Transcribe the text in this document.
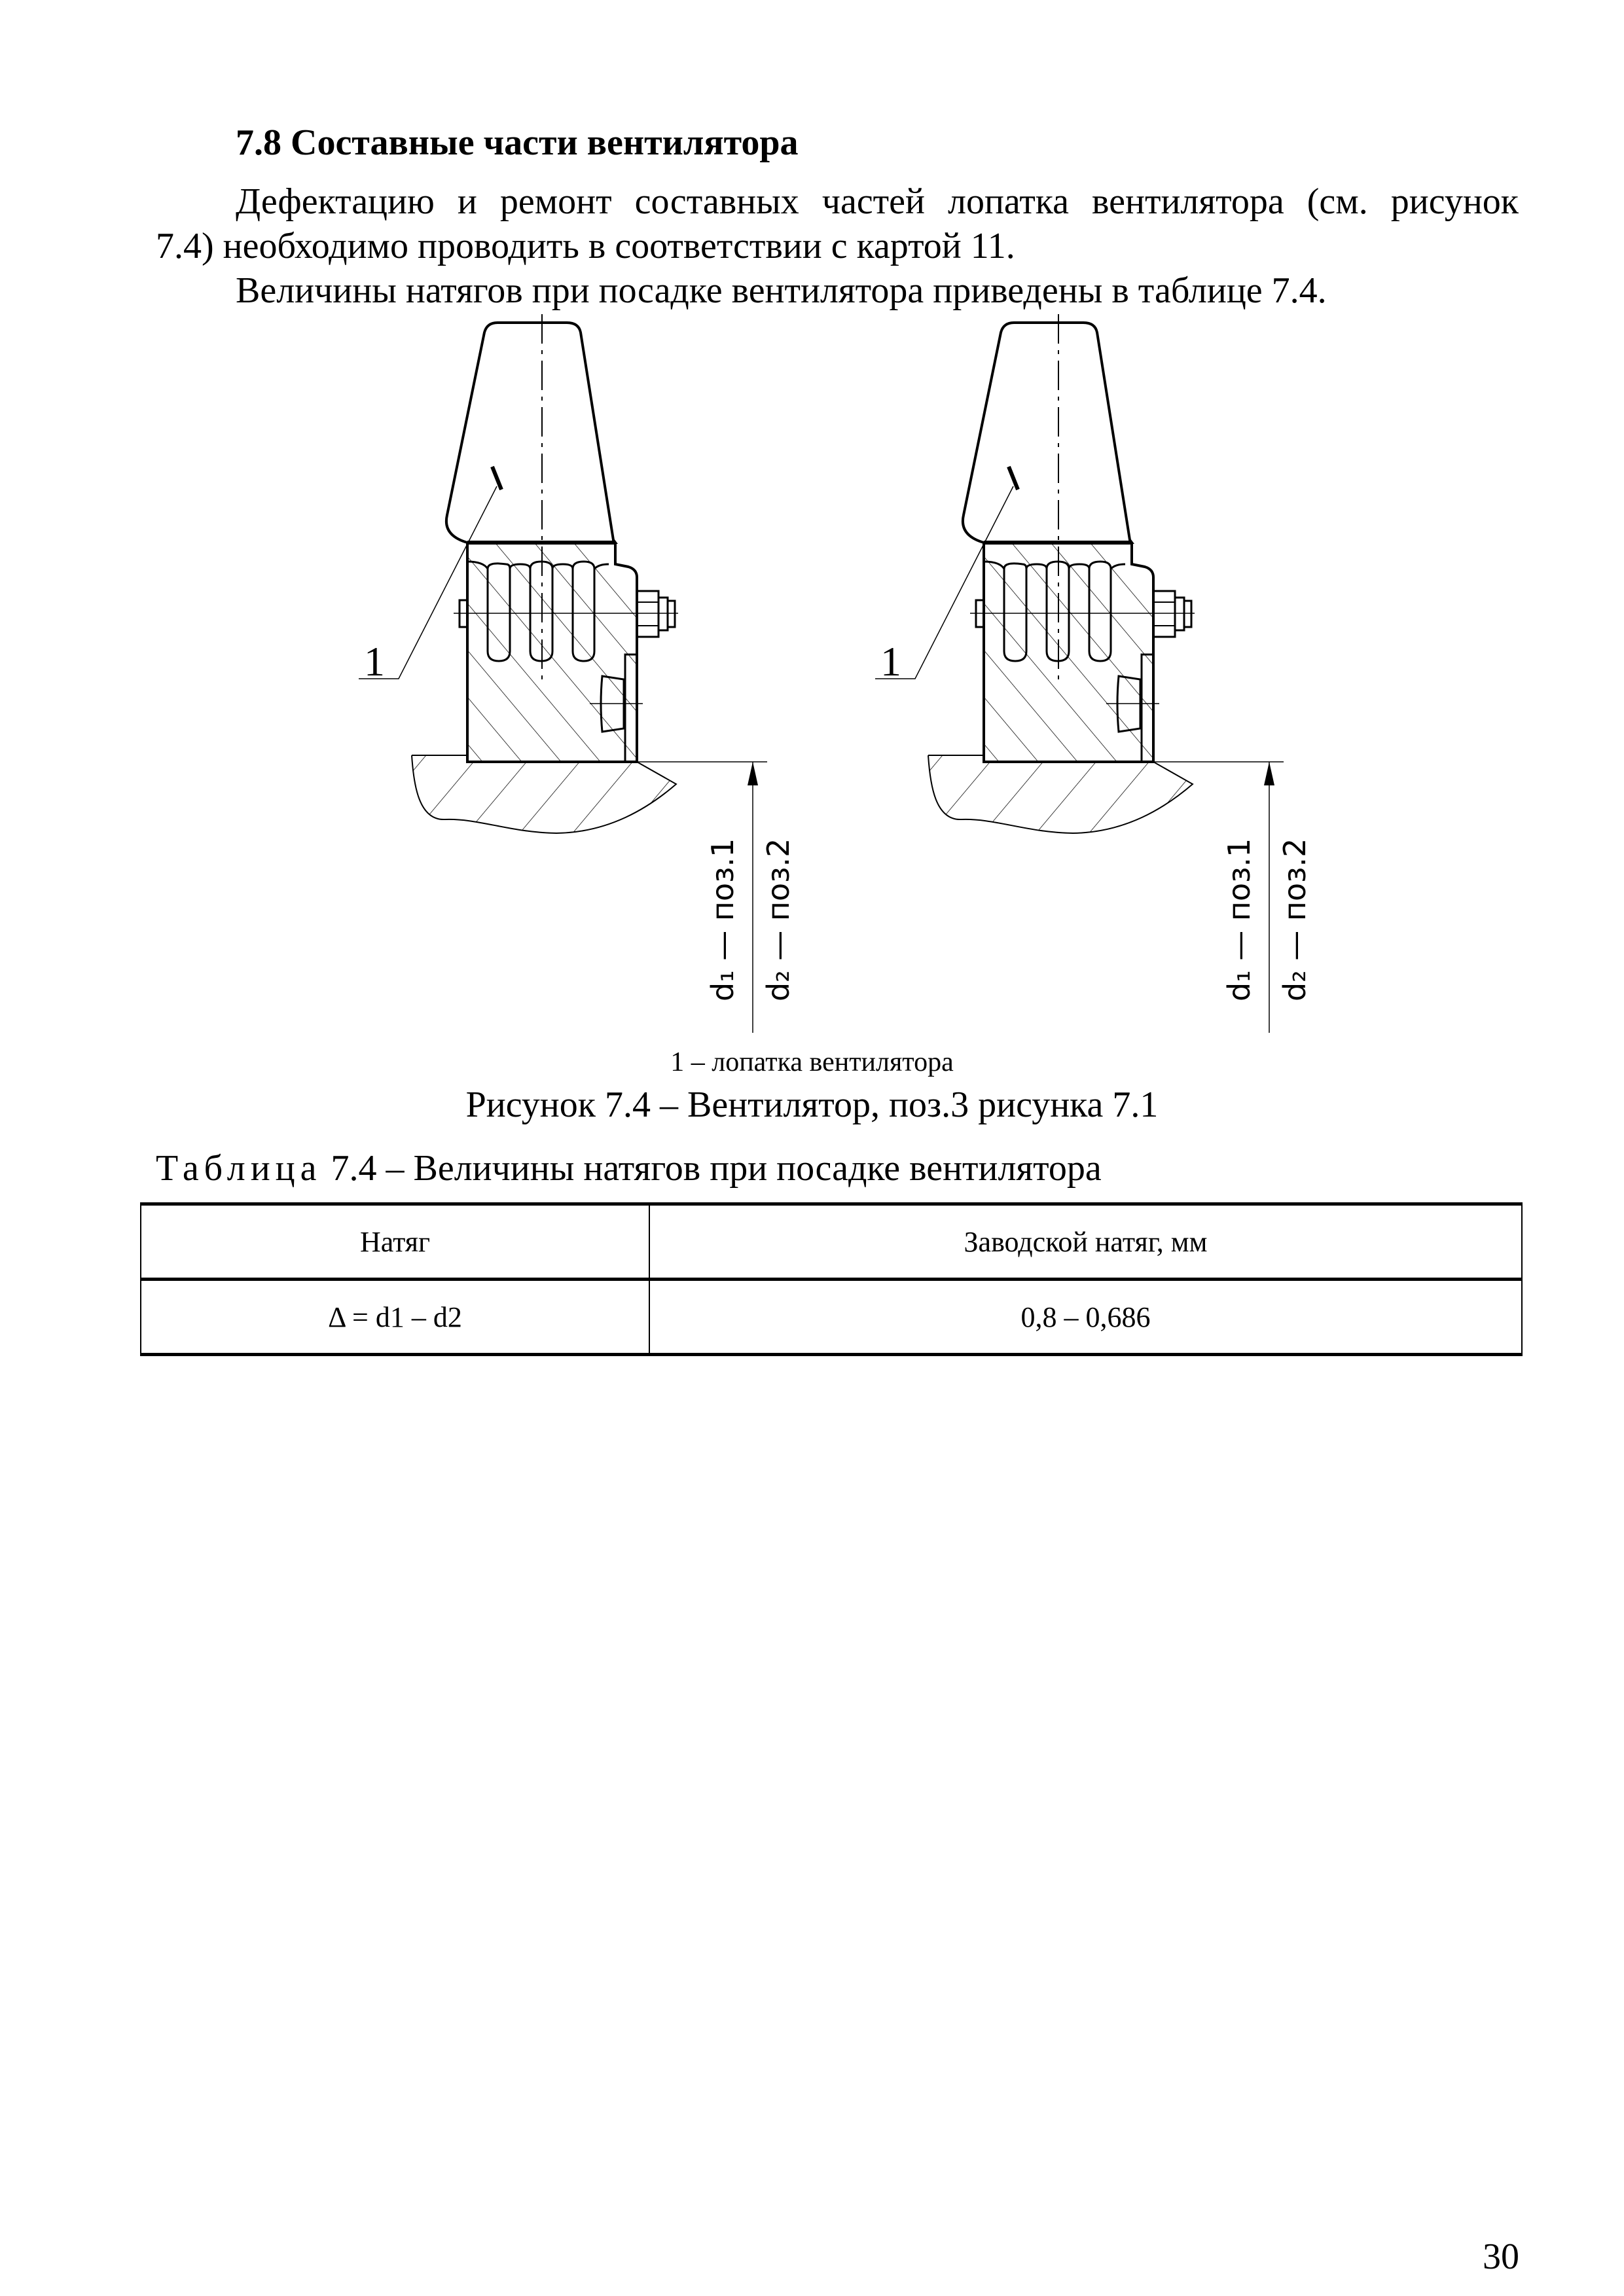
7.8 Составные части вентилятора
Дефектацию и ремонт составных частей лопатка вентилятора (см. рисунок
7.4) необходимо проводить в соответствии с картой 11.
Величины натягов при посадке вентилятора приведены в таблице 7.4.
1
d₁ — поз.1 d₂ — поз.2
1
d₁ — поз.1 d₂ — поз.2
1 – лопатка вентилятора
Рисунок 7.4 – Вентилятор, поз.3 рисунка 7.1
Таблица 7.4 – Величины натягов при посадке вентилятора
Натяг	Заводской натяг, мм
Δ = d1 – d2	0,8 – 0,686
30
